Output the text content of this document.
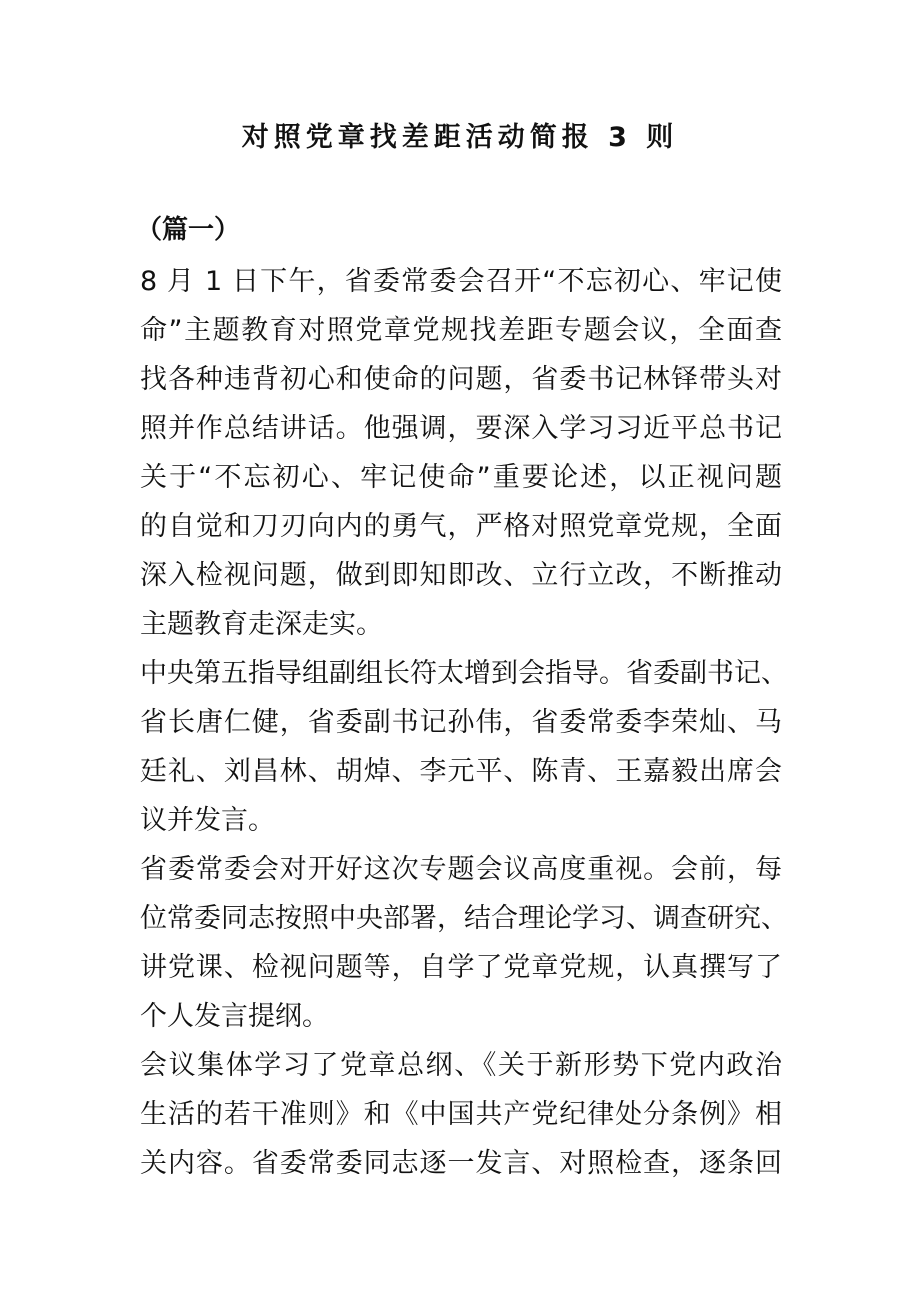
对照党章找差距活动简报 3 则
（篇一）
8 月 1 日下午，省委常委会召开“不忘初心、牢记使
命”主题教育对照党章党规找差距专题会议，全面查
找各种违背初心和使命的问题，省委书记林铎带头对
照并作总结讲话。他强调，要深入学习习近平总书记
关于“不忘初心、牢记使命”重要论述，以正视问题
的自觉和刀刃向内的勇气，严格对照党章党规，全面
深入检视问题，做到即知即改、立行立改，不断推动
主题教育走深走实。
中央第五指导组副组长符太增到会指导。省委副书记、
省长唐仁健，省委副书记孙伟，省委常委李荣灿、马
廷礼、刘昌林、胡焯、李元平、陈青、王嘉毅出席会
议并发言。
省委常委会对开好这次专题会议高度重视。会前，每
位常委同志按照中央部署，结合理论学习、调查研究、
讲党课、检视问题等，自学了党章党规，认真撰写了
个人发言提纲。
会议集体学习了党章总纲、《关于新形势下党内政治
生活的若干准则》和《中国共产党纪律处分条例》相
关内容。省委常委同志逐一发言、对照检查，逐条回
